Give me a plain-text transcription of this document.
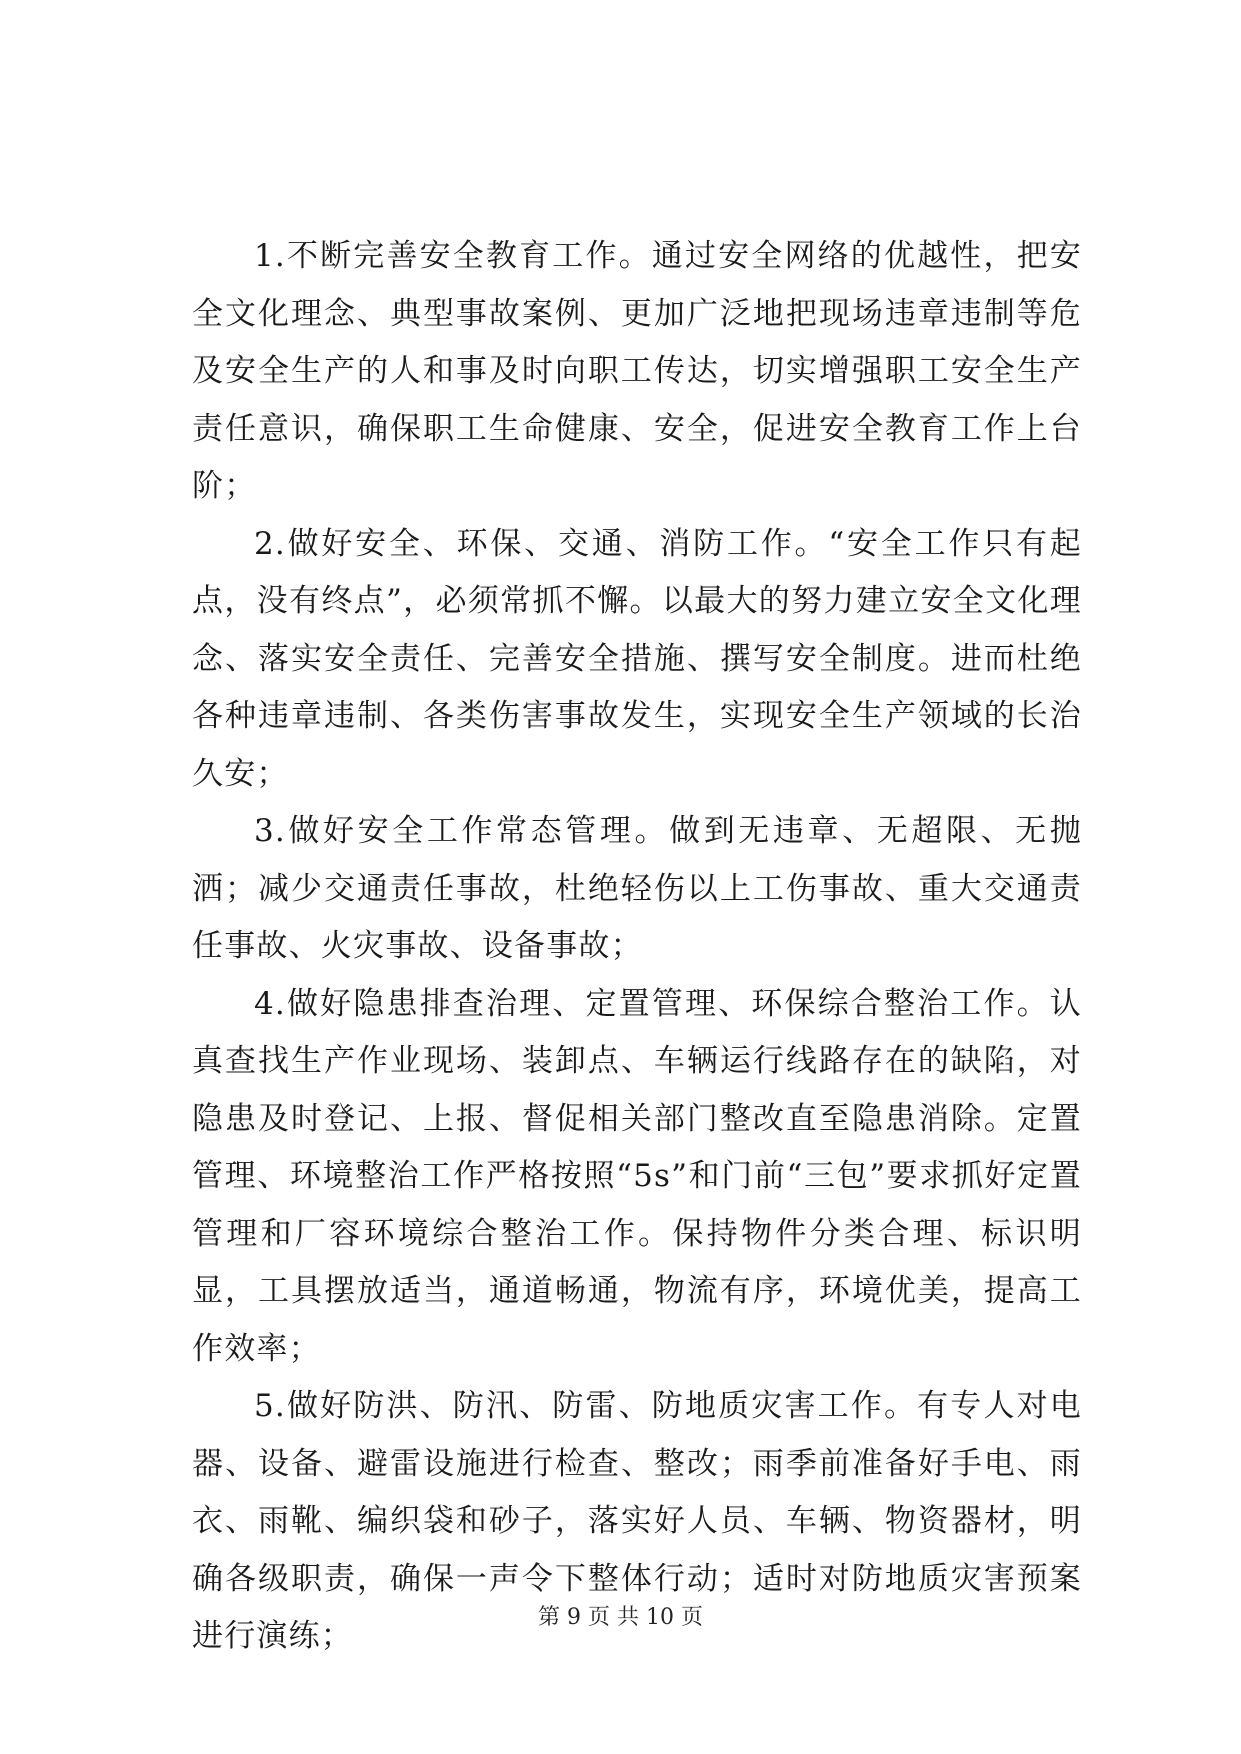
1.不断完善安全教育工作。通过安全网络的优越性，把安全文化理念、典型事故案例、更加广泛地把现场违章违制等危及安全生产的人和事及时向职工传达，切实增强职工安全生产责任意识，确保职工生命健康、安全，促进安全教育工作上台阶；

2.做好安全、环保、交通、消防工作。“安全工作只有起点，没有终点”，必须常抓不懈。以最大的努力建立安全文化理念、落实安全责任、完善安全措施、撰写安全制度。进而杜绝各种违章违制、各类伤害事故发生，实现安全生产领域的长治久安；

3.做好安全工作常态管理。做到无违章、无超限、无抛洒；减少交通责任事故，杜绝轻伤以上工伤事故、重大交通责任事故、火灾事故、设备事故；

4.做好隐患排查治理、定置管理、环保综合整治工作。认真查找生产作业现场、装卸点、车辆运行线路存在的缺陷，对隐患及时登记、上报、督促相关部门整改直至隐患消除。定置管理、环境整治工作严格按照“5s”和门前“三包”要求抓好定置管理和厂容环境综合整治工作。保持物件分类合理、标识明显，工具摆放适当，通道畅通，物流有序，环境优美，提高工作效率；

5.做好防洪、防汛、防雷、防地质灾害工作。有专人对电器、设备、避雷设施进行检查、整改；雨季前准备好手电、雨衣、雨靴、编织袋和砂子，落实好人员、车辆、物资器材，明确各级职责，确保一声令下整体行动；适时对防地质灾害预案进行演练；

第 9 页 共 10 页
